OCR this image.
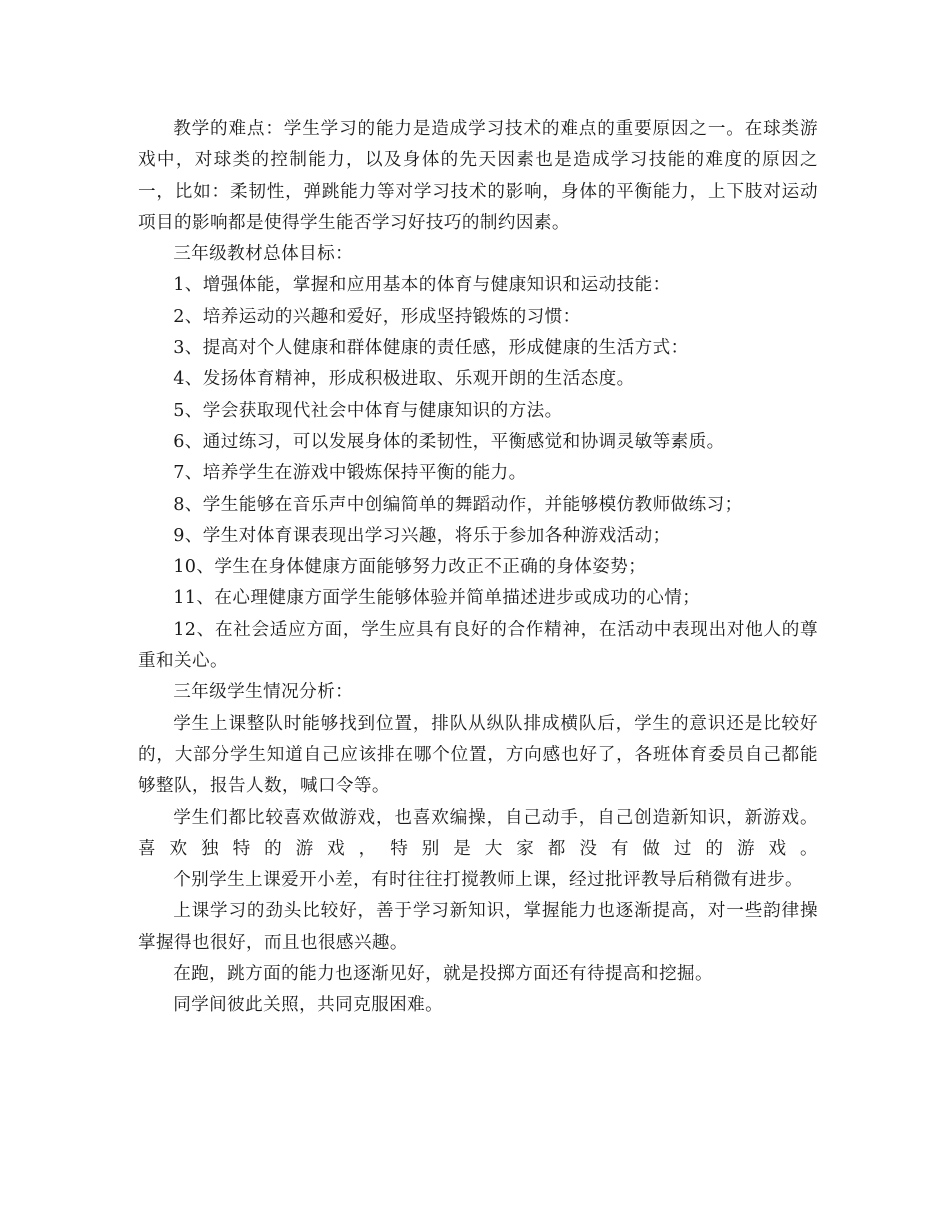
教学的难点：学生学习的能力是造成学习技术的难点的重要原因之一。在球类游戏中，对球类的控制能力，以及身体的先天因素也是造成学习技能的难度的原因之一，比如：柔韧性，弹跳能力等对学习技术的影响，身体的平衡能力，上下肢对运动项目的影响都是使得学生能否学习好技巧的制约因素。

三年级教材总体目标：

1、增强体能，掌握和应用基本的体育与健康知识和运动技能：

2、培养运动的兴趣和爱好，形成坚持锻炼的习惯：

3、提高对个人健康和群体健康的责任感，形成健康的生活方式：

4、发扬体育精神，形成积极进取、乐观开朗的生活态度。

5、学会获取现代社会中体育与健康知识的方法。

6、通过练习，可以发展身体的柔韧性，平衡感觉和协调灵敏等素质。

7、培养学生在游戏中锻炼保持平衡的能力。

8、学生能够在音乐声中创编简单的舞蹈动作，并能够模仿教师做练习；

9、学生对体育课表现出学习兴趣，将乐于参加各种游戏活动；

10、学生在身体健康方面能够努力改正不正确的身体姿势；

11、在心理健康方面学生能够体验并简单描述进步或成功的心情；

12、在社会适应方面，学生应具有良好的合作精神，在活动中表现出对他人的尊重和关心。

三年级学生情况分析：

学生上课整队时能够找到位置，排队从纵队排成横队后，学生的意识还是比较好的，大部分学生知道自己应该排在哪个位置，方向感也好了，各班体育委员自己都能够整队，报告人数，喊口令等。

学生们都比较喜欢做游戏，也喜欢编操，自己动手，自己创造新知识，新游戏。喜欢独特的游戏，特别是大家都没有做过的游戏。

个别学生上课爱开小差，有时往往打搅教师上课，经过批评教导后稍微有进步。

上课学习的劲头比较好，善于学习新知识，掌握能力也逐渐提高，对一些韵律操掌握得也很好，而且也很感兴趣。

在跑，跳方面的能力也逐渐见好，就是投掷方面还有待提高和挖掘。

同学间彼此关照，共同克服困难。
